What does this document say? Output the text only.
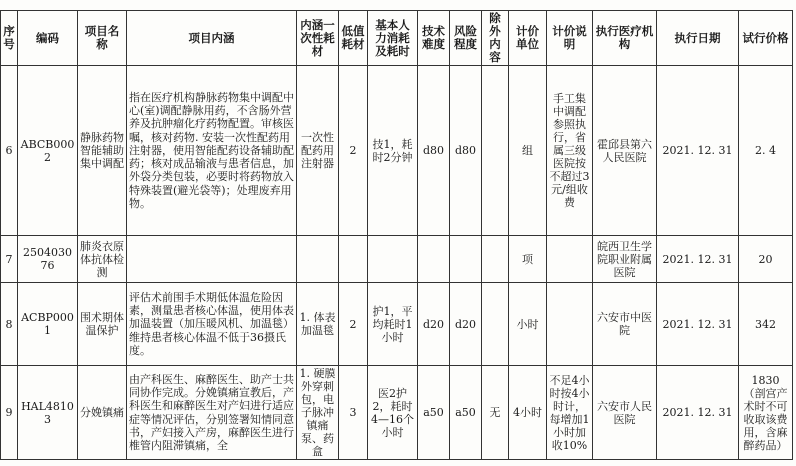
序号	编码	项目名称	项目内涵	内涵一次性耗材	低值耗材	基本人力消耗及耗时	技术难度	风险程度	除外内容	计价单位	计价说明	执行医疗机构	执行日期	试行价格
6	ABCB0002	静脉药物智能辅助集中调配	指在医疗机构静脉药物集中调配中心(室)调配静脉用药，不含肠外营养及抗肿瘤化疗药物配置。审核医嘱，核对药物. 安装一次性配药用注射器，使用智能配药设备辅助配药；核对成品输液与患者信息，加外袋分类包装，必要时将药物放入特殊装置(避光袋等)；处理废弃用物。	一次性配药用注射器	2	技1，耗时2分钟	d80	d80		组	手工集中调配参照执行，省属三级医院按不超过3元/组收费	霍邱县第六人民医院	2021. 12. 31	2. 4
7	250403076	肺炎衣原体抗体检测								项		皖西卫生学院职业附属医院	2021. 12. 31	20
8	ACBP0001	围术期体温保护	评估术前围手术期低体温危险因素，测量患者核心体温，使用体表加温装置（加压暖风机、加温毯）维持患者核心体温不低于36摄氏度。	1. 体表加温毯	2	护1，平均耗时1小时	d20	d20		小时		六安市中医院	2021. 12. 31	342
9	HAL48103	分娩镇痛	由产科医生、麻醉医生、助产士共同协作完成。分娩镇痛宣教后，产科医生和麻醉医生对产妇进行适应症等情况评估，分别签署知情同意书，产妇接入产房，麻醉医生进行椎管内阻滞镇痛，全	1. 硬膜外穿刺包，电子脉冲镇痛泵、药盒	3	医2护2，耗时4—16个小时	a50	a50	无	4小时	不足4小时按4小时计，每增加1小时加收10%	六安市人民医院	2021. 12. 31	1830（剖宫产术时不可收取该费用，含麻醉药品）
